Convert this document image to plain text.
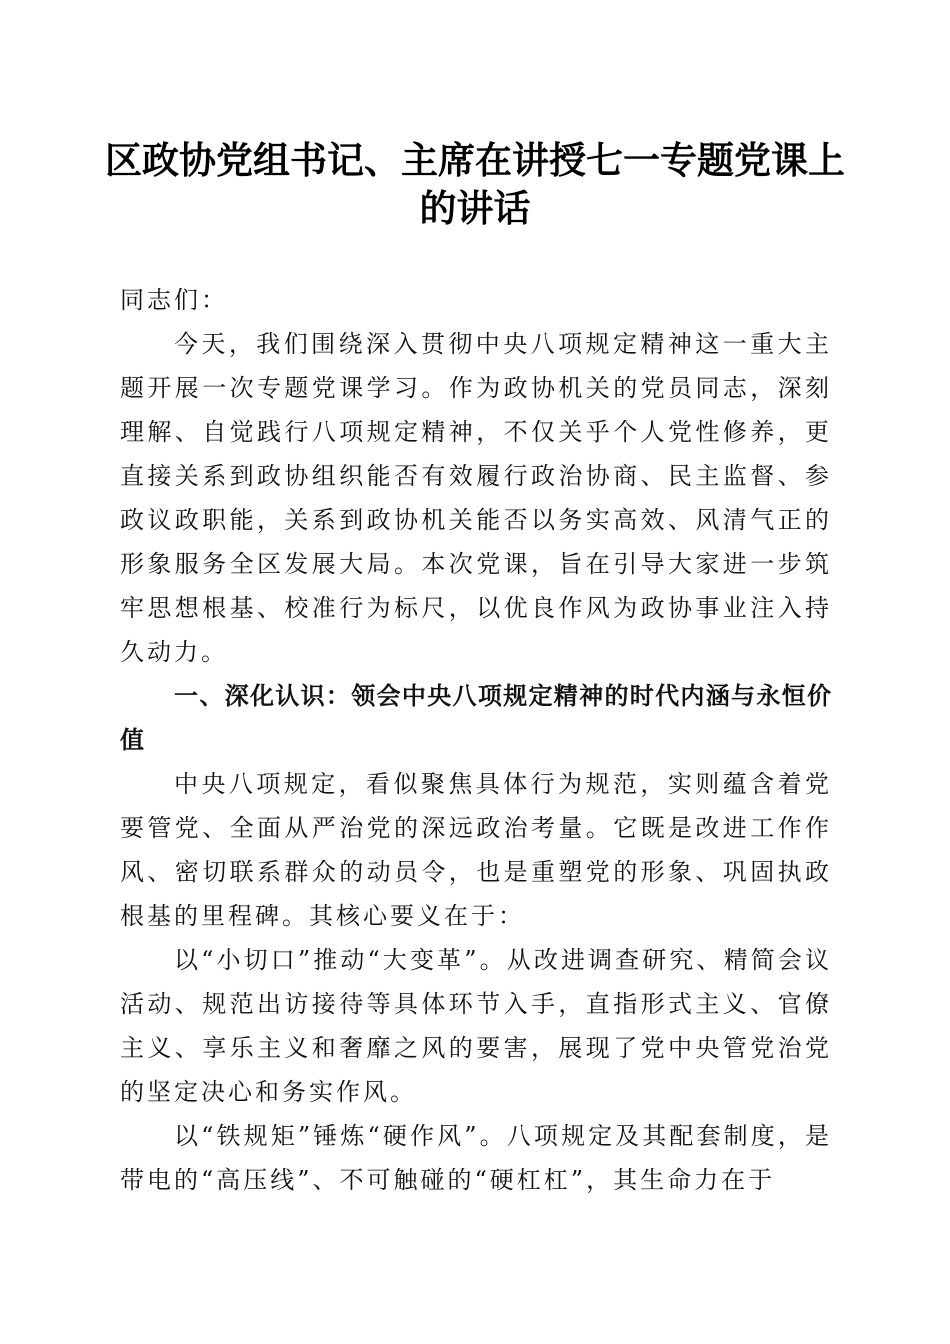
区政协党组书记、主席在讲授七一专题党课上的讲话

同志们：

今天，我们围绕深入贯彻中央八项规定精神这一重大主题开展一次专题党课学习。作为政协机关的党员同志，深刻理解、自觉践行八项规定精神，不仅关乎个人党性修养，更直接关系到政协组织能否有效履行政治协商、民主监督、参政议政职能，关系到政协机关能否以务实高效、风清气正的形象服务全区发展大局。本次党课，旨在引导大家进一步筑牢思想根基、校准行为标尺，以优良作风为政协事业注入持久动力。

一、深化认识：领会中央八项规定精神的时代内涵与永恒价值

中央八项规定，看似聚焦具体行为规范，实则蕴含着党要管党、全面从严治党的深远政治考量。它既是改进工作作风、密切联系群众的动员令，也是重塑党的形象、巩固执政根基的里程碑。其核心要义在于：

以“小切口”推动“大变革”。从改进调查研究、精简会议活动、规范出访接待等具体环节入手，直指形式主义、官僚主义、享乐主义和奢靡之风的要害，展现了党中央管党治党的坚定决心和务实作风。

以“铁规矩”锤炼“硬作风”。八项规定及其配套制度，是带电的“高压线”、不可触碰的“硬杠杠”，其生命力在于
